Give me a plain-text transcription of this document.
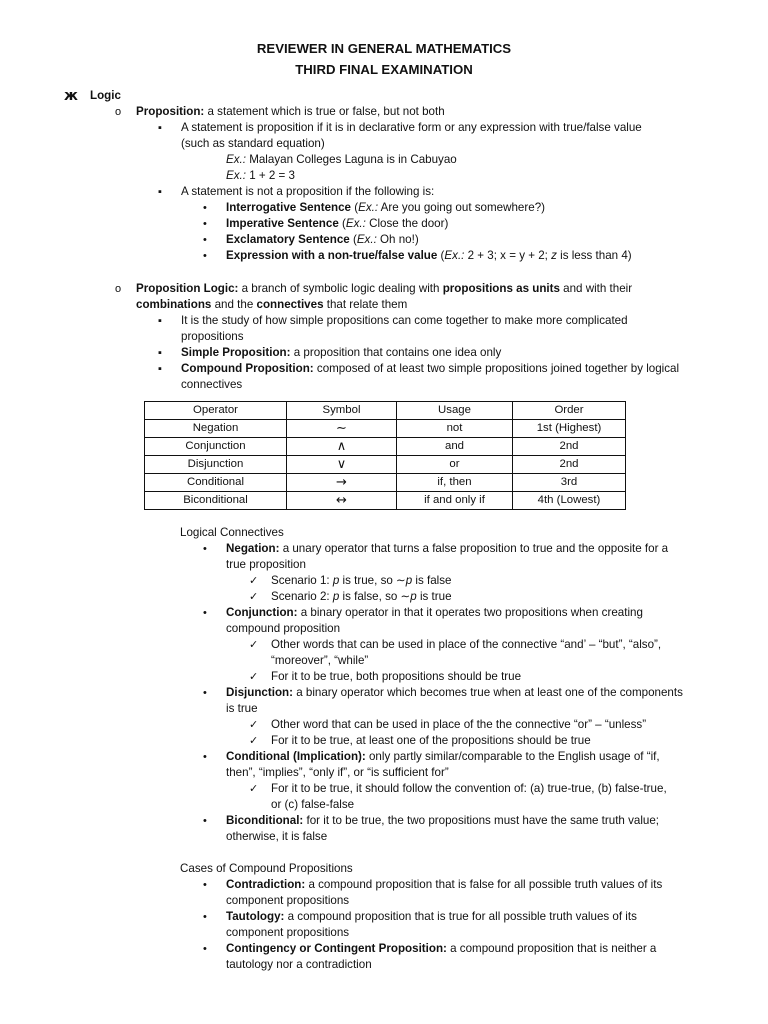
REVIEWER IN GENERAL MATHEMATICS
THIRD FINAL EXAMINATION
ж Logic
o Proposition: a statement which is true or false, but not both
▪ A statement is proposition if it is in declarative form or any expression with true/false value
(such as standard equation)
Ex.: Malayan Colleges Laguna is in Cabuyao
Ex.: 1 + 2 = 3
▪ A statement is not a proposition if the following is:
• Interrogative Sentence (Ex.: Are you going out somewhere?)
• Imperative Sentence (Ex.: Close the door)
• Exclamatory Sentence (Ex.: Oh no!)
• Expression with a non-true/false value (Ex.: 2 + 3; x = y + 2; z is less than 4)
o Proposition Logic: a branch of symbolic logic dealing with propositions as units and with their
combinations and the connectives that relate them
▪ It is the study of how simple propositions can come together to make more complicated
propositions
▪ Simple Proposition: a proposition that contains one idea only
▪ Compound Proposition: composed of at least two simple propositions joined together by logical
connectives
Operator	Symbol	Usage	Order
Negation	∼	not	1st (Highest)
Conjunction	∧	and	2nd
Disjunction	∨	or	2nd
Conditional	→	if, then	3rd
Biconditional	↔	if and only if	4th (Lowest)
Logical Connectives
• Negation: a unary operator that turns a false proposition to true and the opposite for a
true proposition
✓ Scenario 1: p is true, so ∼p is false
✓ Scenario 2: p is false, so ∼p is true
• Conjunction: a binary operator in that it operates two propositions when creating
compound proposition
✓ Other words that can be used in place of the connective “and’ – “but”, “also”,
“moreover”, “while”
✓ For it to be true, both propositions should be true
• Disjunction: a binary operator which becomes true when at least one of the components
is true
✓ Other word that can be used in place of the the connective “or” – “unless”
✓ For it to be true, at least one of the propositions should be true
• Conditional (Implication): only partly similar/comparable to the English usage of “if,
then”, “implies”, “only if”, or “is sufficient for”
✓ For it to be true, it should follow the convention of: (a) true-true, (b) false-true,
or (c) false-false
• Biconditional: for it to be true, the two propositions must have the same truth value;
otherwise, it is false
Cases of Compound Propositions
• Contradiction: a compound proposition that is false for all possible truth values of its
component propositions
• Tautology: a compound proposition that is true for all possible truth values of its
component propositions
• Contingency or Contingent Proposition: a compound proposition that is neither a
tautology nor a contradiction
